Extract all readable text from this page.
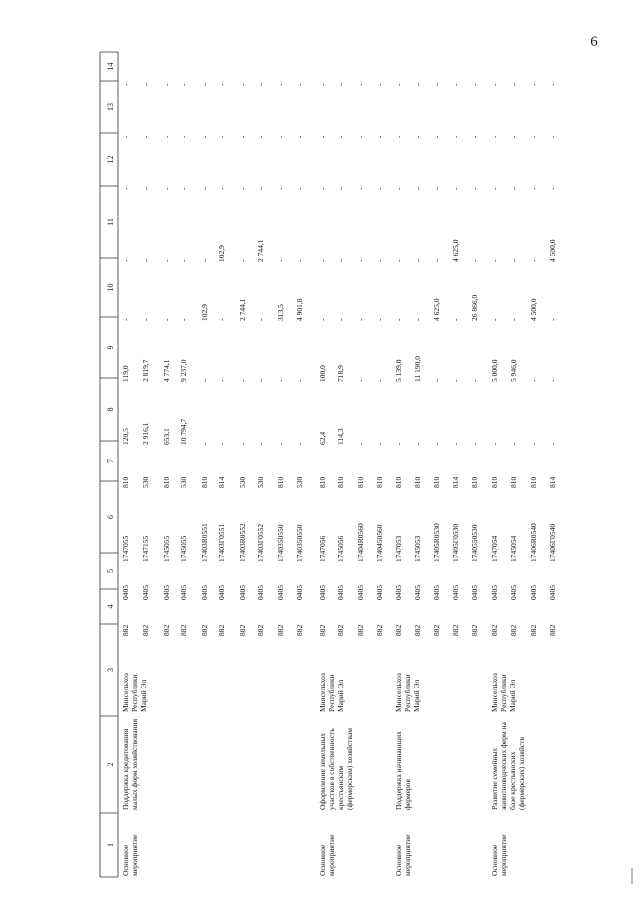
6
1
2
3
4
5
6
7
8
9
10
11
12
13
14
Основное мероприятие
Поддержка кредитования малых форм хозяйствования
Минсельхоз Республики Марий Эл
882
0405
1747055
810
120,5
119,0
-
-
-
-
-
882
0405
1747155
530
2 916,1
2 819,7
-
-
-
-
-
882
0405
1745055
810
653,1
4 774,1
-
-
-
-
-
882
0405
1745055
530
10 794,7
9 237,0
-
-
-
-
-
882
0405
17403R0551
810
-
-
102,9
-
-
-
-
882
0405
17403Г0551
814
-
-
-
102,9
-
-
-
882
0405
17403R0552
530
-
-
2 744,1
-
-
-
-
882
0405
17403Г0552
530
-
-
-
2 744,1
-
-
-
882
0405
1740350550
810
-
-
313,5
-
-
-
-
882
0405
1740350550
530
-
-
4 901,8
-
-
-
-
Основное мероприятие
Оформление земельных участков в собственность крестьянским (фермерским) хозяйствам
Минсельхоз Республики Марий Эл
882
0405
1747056
810
62,4
100,0
-
-
-
-
-
882
0405
1745056
810
114,3
718,9
-
-
-
-
-
882
0405
17404R0560
810
-
-
-
-
-
-
-
882
0405
1740450560
810
-
-
-
-
-
-
-
Основное мероприятие
Поддержка начинающих фермеров
Минсельхоз Республики Марий Эл
882
0405
1747053
810
-
5 139,0
-
-
-
-
-
882
0405
1745053
810
-
11 190,0
-
-
-
-
-
882
0405
17405R0530
810
-
-
4 625,0
-
-
-
-
882
0405
17405Г0530
814
-
-
-
4 625,0
-
-
-
882
0405
1740550530
810
-
-
26 866,0
-
-
-
-
Основное мероприятие
Развитие семейных животноводческих ферм на базе крестьянских (фермерских) хозяйств
Минсельхоз Республики Марий Эл
882
0405
1747054
810
-
5 000,0
-
-
-
-
-
882
0405
1745054
810
-
5 946,0
-
-
-
-
-
882
0405
17406R0540
810
-
-
4 500,0
-
-
-
-
882
0405
17406Г0540
814
-
-
-
4 500,0
-
-
-
